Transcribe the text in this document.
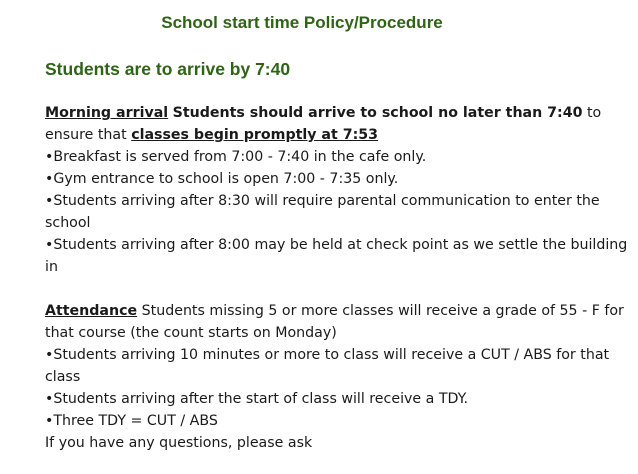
School start time Policy/Procedure
Students are to arrive by 7:40

Morning arrival Students should arrive to school no later than 7:40 to ensure that classes begin promptly at 7:53

•Breakfast is served from 7:00 - 7:40 in the cafe only.

•Gym entrance to school is open 7:00 - 7:35 only.

•Students arriving after 8:30 will require parental communication to enter the school

•Students arriving after 8:00 may be held at check point as we settle the building in

Attendance Students missing 5 or more classes will receive a grade of 55 - F for that course (the count starts on Monday)

•Students arriving 10 minutes or more to class will receive a CUT / ABS for that class

•Students arriving after the start of class will receive a TDY.

•Three TDY = CUT / ABS

If you have any questions, please ask
